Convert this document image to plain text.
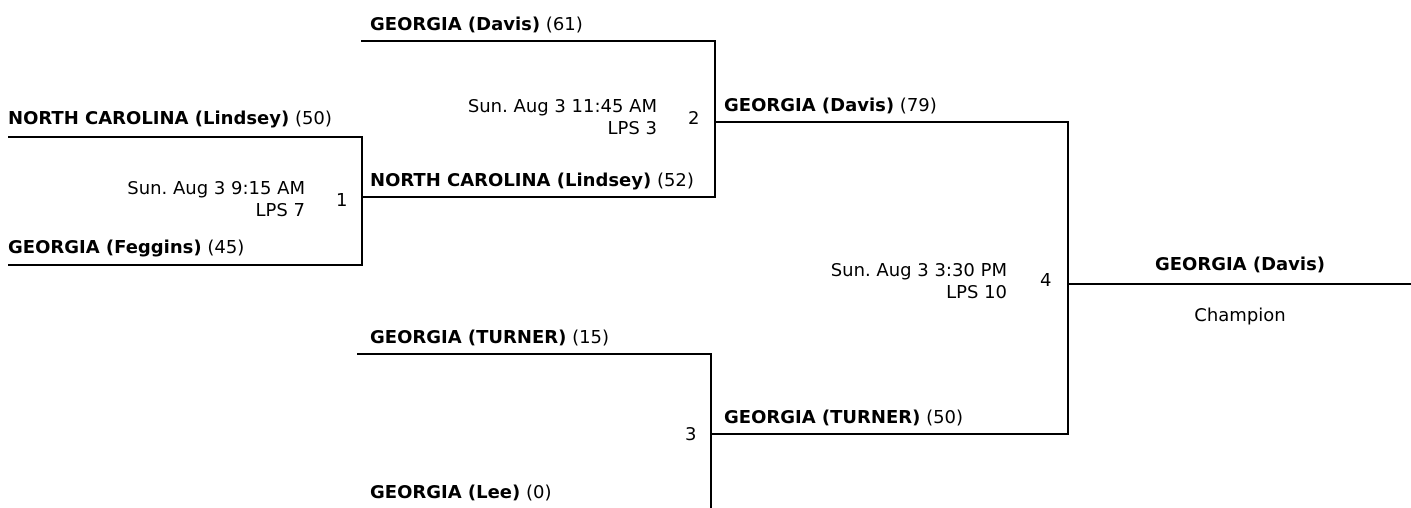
NORTH CAROLINA (Lindsey) (50)
Sun. Aug 3 9:15 AM
LPS 7 1
GEORGIA (Feggins) (45)
GEORGIA (Davis) (61)
Sun. Aug 3 11:45 AM
LPS 3 2
NORTH CAROLINA (Lindsey) (52)
GEORGIA (TURNER) (15)
3
GEORGIA (Lee) (0)
GEORGIA (Davis) (79)
Sun. Aug 3 3:30 PM
LPS 10
4
GEORGIA (TURNER) (50)
GEORGIA (Davis)
Champion
